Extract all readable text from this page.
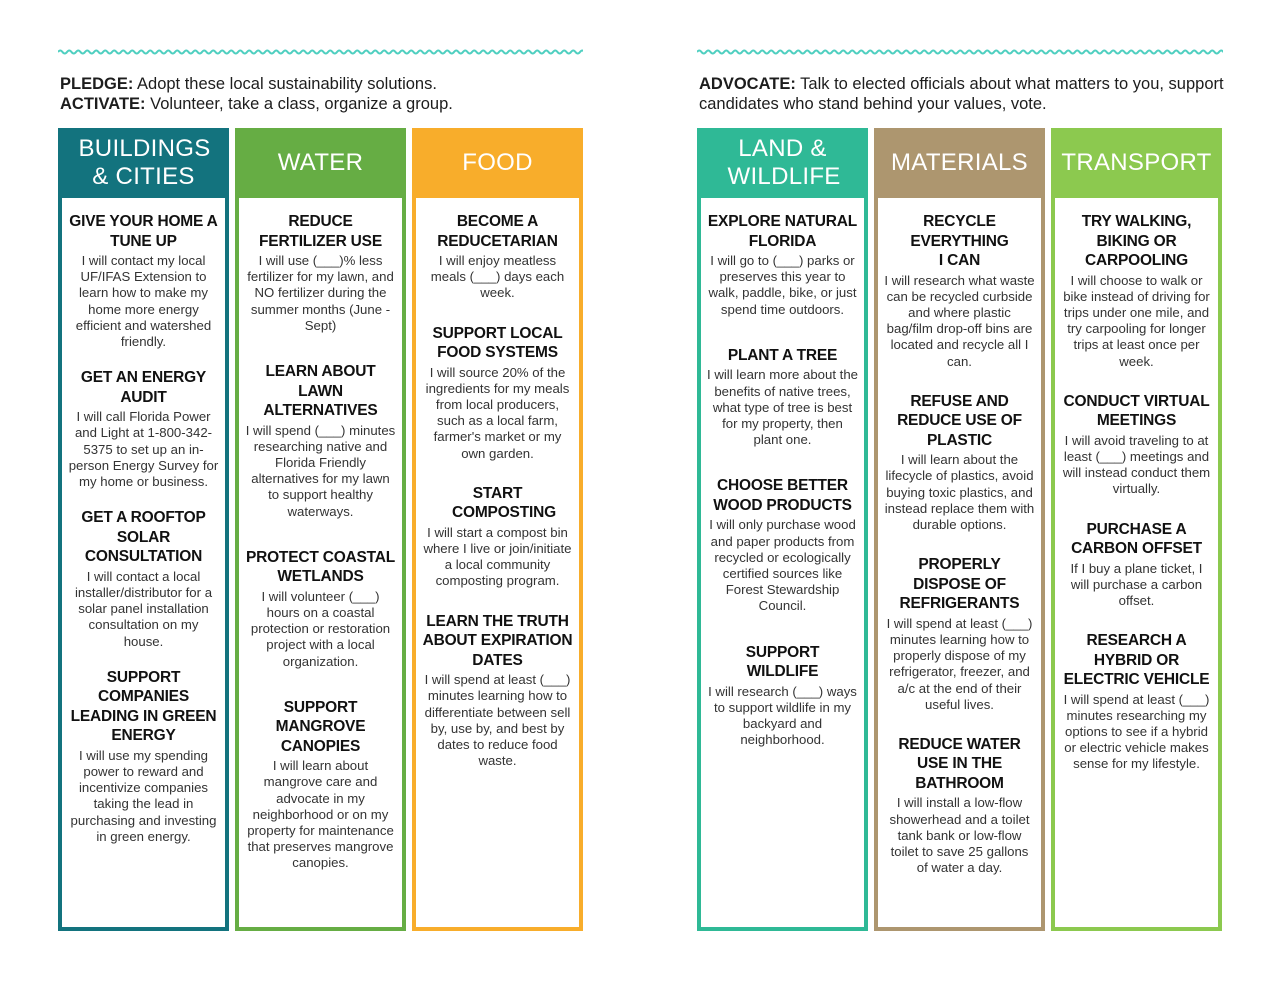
PLEDGE: Adopt these local sustainability solutions.
ACTIVATE: Volunteer, take a class, organize a group.
BUILDINGS & CITIES
GIVE YOUR HOME A TUNE UP
I will contact my local UF/IFAS Extension to learn how to make my home more energy efficient and watershed friendly.
GET AN ENERGY AUDIT
I will call Florida Power and Light at 1-800-342-5375 to set up an in-person Energy Survey for my home or business.
GET A ROOFTOP SOLAR CONSULTATION
I will contact a local installer/distributor for a solar panel installation consultation on my house.
SUPPORT COMPANIES LEADING IN GREEN ENERGY
I will use my spending power to reward and incentivize companies taking the lead in purchasing and investing in green energy.
WATER
REDUCE FERTILIZER USE
I will use (___)% less fertilizer for my lawn, and NO fertilizer during the summer months (June - Sept)
LEARN ABOUT LAWN ALTERNATIVES
I will spend (___) minutes researching native and Florida Friendly alternatives for my lawn to support healthy waterways.
PROTECT COASTAL WETLANDS
I will volunteer (___) hours on a coastal protection or restoration project with a local organization.
SUPPORT MANGROVE CANOPIES
I will learn about mangrove care and advocate in my neighborhood or on my property for maintenance that preserves mangrove canopies.
FOOD
BECOME A REDUCETARIAN
I will enjoy meatless meals (___) days each week.
SUPPORT LOCAL FOOD SYSTEMS
I will source 20% of the ingredients for my meals from local producers, such as a local farm, farmer's market or my own garden.
START COMPOSTING
I will start a compost bin where I live or join/initiate a local community composting program.
LEARN THE TRUTH ABOUT EXPIRATION DATES
I will spend at least (___) minutes learning how to differentiate between sell by, use by, and best by dates to reduce food waste.
ADVOCATE: Talk to elected officials about what matters to you, support candidates who stand behind your values, vote.
LAND & WILDLIFE
EXPLORE NATURAL FLORIDA
I will go to (___) parks or preserves this year to walk, paddle, bike, or just spend time outdoors.
PLANT A TREE
I will learn more about the benefits of native trees, what type of tree is best for my property, then plant one.
CHOOSE BETTER WOOD PRODUCTS
I will only purchase wood and paper products from recycled or ecologically certified sources like Forest Stewardship Council.
SUPPORT WILDLIFE
I will research (___) ways to support wildlife in my backyard and neighborhood.
MATERIALS
RECYCLE EVERYTHING I CAN
I will research what waste can be recycled curbside and where plastic bag/film drop-off bins are located and recycle all I can.
REFUSE AND REDUCE USE OF PLASTIC
I will learn about the lifecycle of plastics, avoid buying toxic plastics, and instead replace them with durable options.
PROPERLY DISPOSE OF REFRIGERANTS
I will spend at least (___) minutes learning how to properly dispose of my refrigerator, freezer, and a/c at the end of their useful lives.
REDUCE WATER USE IN THE BATHROOM
I will install a low-flow showerhead and a toilet tank bank or low-flow toilet to save 25 gallons of water a day.
TRANSPORT
TRY WALKING, BIKING OR CARPOOLING
I will choose to walk or bike instead of driving for trips under one mile, and try carpooling for longer trips at least once per week.
CONDUCT VIRTUAL MEETINGS
I will avoid traveling to at least (___) meetings and will instead conduct them virtually.
PURCHASE A CARBON OFFSET
If I buy a plane ticket, I will purchase a carbon offset.
RESEARCH A HYBRID OR ELECTRIC VEHICLE
I will spend at least (___) minutes researching my options to see if a hybrid or electric vehicle makes sense for my lifestyle.
